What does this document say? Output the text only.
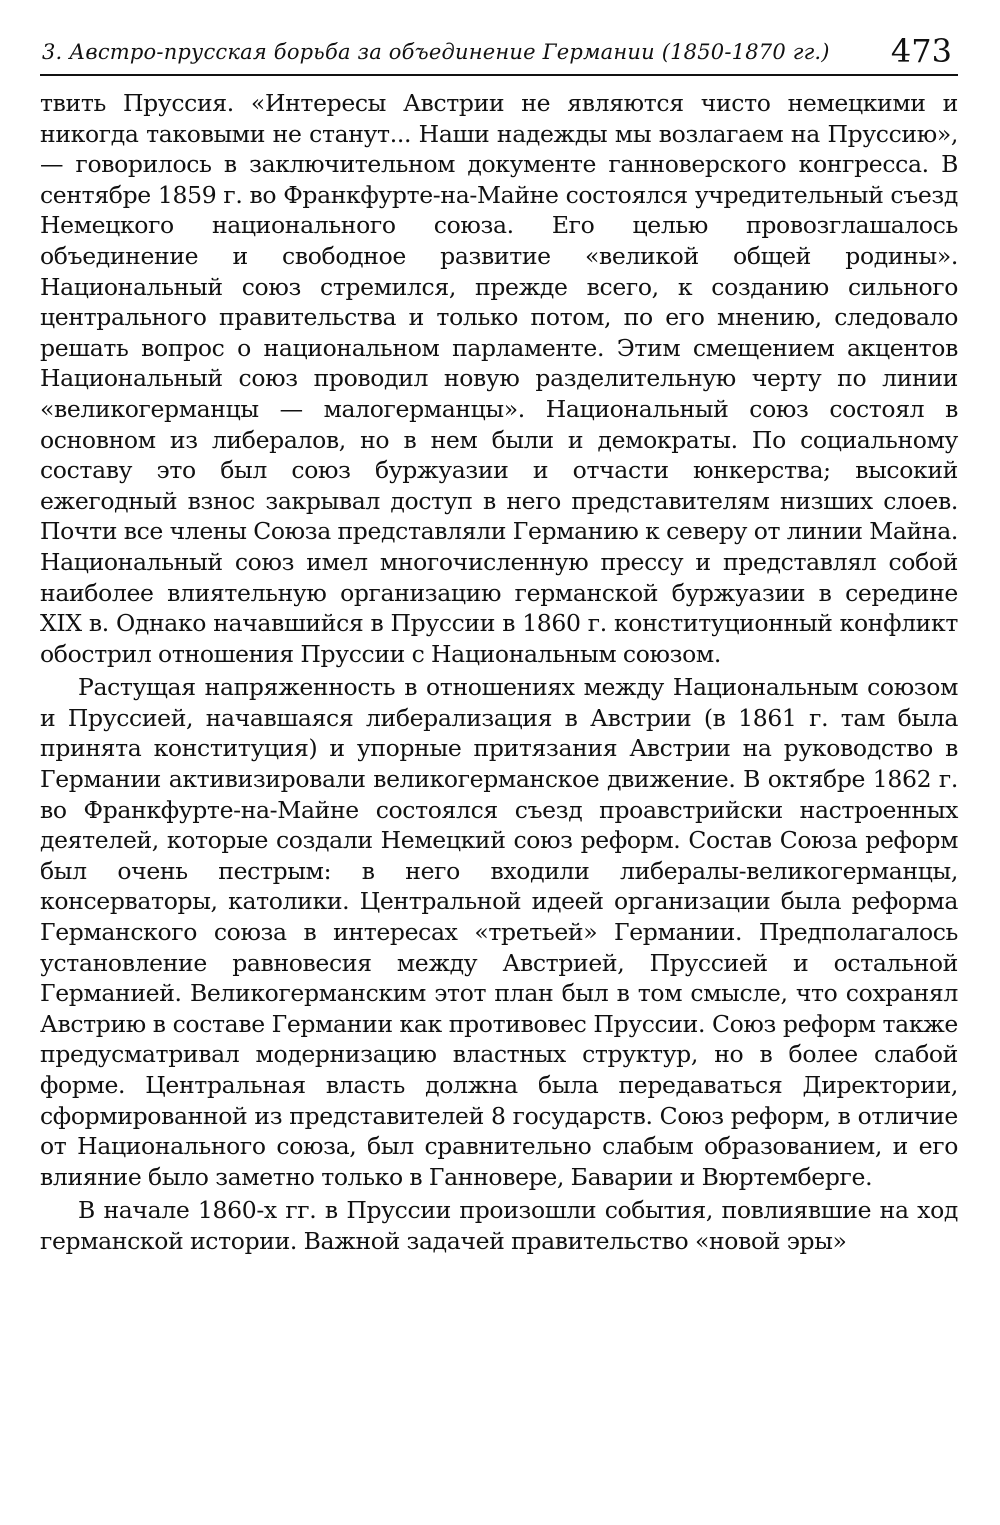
3. Австро-прусская борьба за объединение Германии (1850-1870 гг.) 473

твить Пруссия. «Интересы Австрии не являются чисто немецкими и никогда таковыми не станут... Наши надежды мы возлагаем на Пруссию», — говорилось в заключительном документе ганноверского конгресса. В сентябре 1859 г. во Франкфурте-на-Майне состоялся учредительный съезд Немецкого национального союза. Его целью провозглашалось объединение и свободное развитие «великой общей родины». Национальный союз стремился, прежде всего, к созданию сильного центрального правительства и только потом, по его мнению, следовало решать вопрос о национальном парламенте. Этим смещением акцентов Национальный союз проводил новую разделительную черту по линии «великогерманцы — малогерманцы». Национальный союз состоял в основном из либералов, но в нем были и демократы. По социальному составу это был союз буржуазии и отчасти юнкерства; высокий ежегодный взнос закрывал доступ в него представителям низших слоев. Почти все члены Союза представляли Германию к северу от линии Майна. Национальный союз имел многочисленную прессу и представлял собой наиболее влиятельную организацию германской буржуазии в середине XIX в. Однако начавшийся в Пруссии в 1860 г. конституционный конфликт обострил отношения Пруссии с Национальным союзом.

Растущая напряженность в отношениях между Национальным союзом и Пруссией, начавшаяся либерализация в Австрии (в 1861 г. там была принята конституция) и упорные притязания Австрии на руководство в Германии активизировали великогерманское движение. В октябре 1862 г. во Франкфурте-на-Майне состоялся съезд проавстрийски настроенных деятелей, которые создали Немецкий союз реформ. Состав Союза реформ был очень пестрым: в него входили либералы-великогерманцы, консерваторы, католики. Центральной идеей организации была реформа Германского союза в интересах «третьей» Германии. Предполагалось установление равновесия между Австрией, Пруссией и остальной Германией. Великогерманским этот план был в том смысле, что сохранял Австрию в составе Германии как противовес Пруссии. Союз реформ также предусматривал модернизацию властных структур, но в более слабой форме. Центральная власть должна была передаваться Директории, сформированной из представителей 8 государств. Союз реформ, в отличие от Национального союза, был сравнительно слабым образованием, и его влияние было заметно только в Ганновере, Баварии и Вюртемберге.

В начале 1860-х гг. в Пруссии произошли события, повлиявшие на ход германской истории. Важной задачей правительство «новой эры»
